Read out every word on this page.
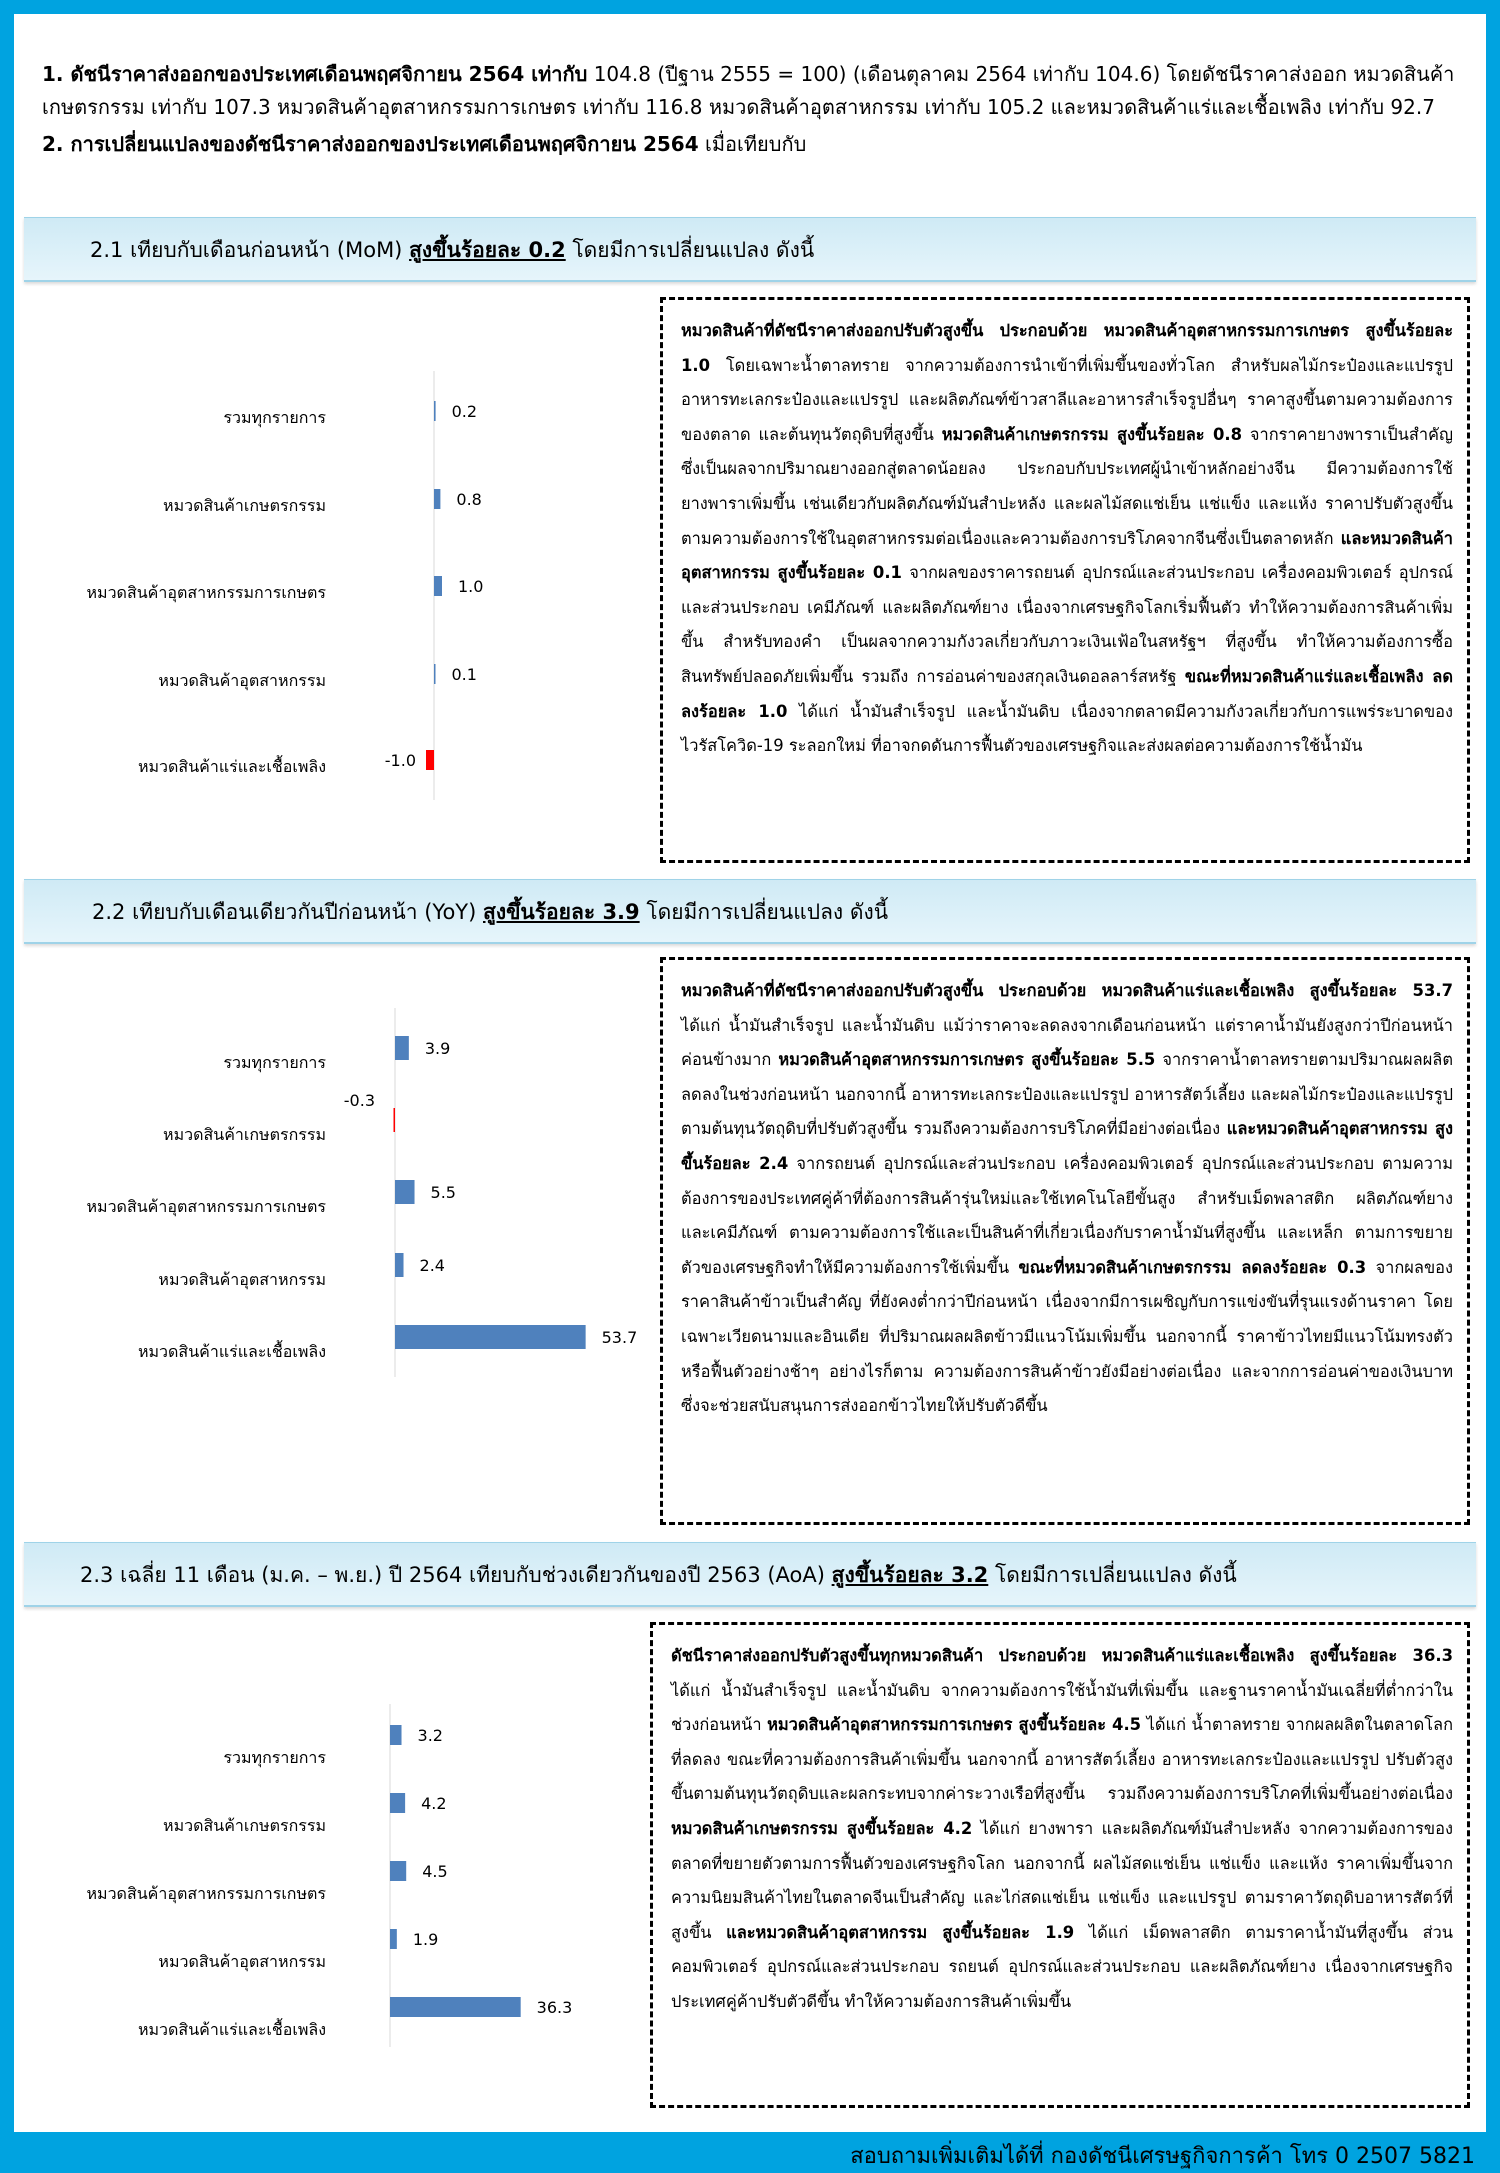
1. ดัชนีราคาส่งออกของประเทศเดือนพฤศจิกายน 2564 เท่ากับ 104.8 (ปีฐาน 2555 = 100) (เดือนตุลาคม 2564 เท่ากับ 104.6) โดยดัชนีราคาส่งออก หมวดสินค้าเกษตรกรรม เท่ากับ 107.3 หมวดสินค้าอุตสาหกรรมการเกษตร เท่ากับ 116.8 หมวดสินค้าอุตสาหกรรม เท่ากับ 105.2 และหมวดสินค้าแร่และเชื้อเพลิง เท่ากับ 92.7

2. การเปลี่ยนแปลงของดัชนีราคาส่งออกของประเทศเดือนพฤศจิกายน 2564 เมื่อเทียบกับ

2.1 เทียบกับเดือนก่อนหน้า (MoM) สูงขึ้นร้อยละ 0.2 โดยมีการเปลี่ยนแปลง ดังนี้
0.2
รวมทุกรายการ
0.8
หมวดสินค้าเกษตรกรรม
1.0
หมวดสินค้าอุตสาหกรรมการเกษตร
0.1
หมวดสินค้าอุตสาหกรรม
-1.0
หมวดสินค้าแร่และเชื้อเพลิง
หมวดสินค้าที่ดัชนีราคาส่งออกปรับตัวสูงขึ้น ประกอบด้วย หมวดสินค้าอุตสาหกรรมการเกษตร สูงขึ้นร้อยละ 1.0 โดยเฉพาะน้ำตาลทราย จากความต้องการนำเข้าที่เพิ่มขึ้นของทั่วโลก สำหรับผลไม้กระป๋องและแปรรูป อาหารทะเลกระป๋องและแปรรูป และผลิตภัณฑ์ข้าวสาลีและอาหารสำเร็จรูปอื่นๆ ราคาสูงขึ้นตามความต้องการของตลาด และต้นทุนวัตถุดิบที่สูงขึ้น หมวดสินค้าเกษตรกรรม สูงขึ้นร้อยละ 0.8 จากราคายางพาราเป็นสำคัญ ซึ่งเป็นผลจากปริมาณยางออกสู่ตลาดน้อยลง ประกอบกับประเทศผู้นำเข้าหลักอย่างจีน มีความต้องการใช้ยางพาราเพิ่มขึ้น เช่นเดียวกับผลิตภัณฑ์มันสำปะหลัง และผลไม้สดแช่เย็น แช่แข็ง และแห้ง ราคาปรับตัวสูงขึ้นตามความต้องการใช้ในอุตสาหกรรมต่อเนื่องและความต้องการบริโภคจากจีนซึ่งเป็นตลาดหลัก และหมวดสินค้าอุตสาหกรรม สูงขึ้นร้อยละ 0.1 จากผลของราคารถยนต์ อุปกรณ์และส่วนประกอบ เครื่องคอมพิวเตอร์ อุปกรณ์และส่วนประกอบ เคมีภัณฑ์ และผลิตภัณฑ์ยาง เนื่องจากเศรษฐกิจโลกเริ่มฟื้นตัว ทำให้ความต้องการสินค้าเพิ่มขึ้น สำหรับทองคำ เป็นผลจากความกังวลเกี่ยวกับภาวะเงินเฟ้อในสหรัฐฯ ที่สูงขึ้น ทำให้ความต้องการซื้อสินทรัพย์ปลอดภัยเพิ่มขึ้น รวมถึง การอ่อนค่าของสกุลเงินดอลลาร์สหรัฐ ขณะที่หมวดสินค้าแร่และเชื้อเพลิง ลดลงร้อยละ 1.0 ได้แก่ น้ำมันสำเร็จรูป และน้ำมันดิบ เนื่องจากตลาดมีความกังวลเกี่ยวกับการแพร่ระบาดของไวรัสโควิด-19 ระลอกใหม่ ที่อาจกดดันการฟื้นตัวของเศรษฐกิจและส่งผลต่อความต้องการใช้น้ำมัน
2.2 เทียบกับเดือนเดียวกันปีก่อนหน้า (YoY) สูงขึ้นร้อยละ 3.9 โดยมีการเปลี่ยนแปลง ดังนี้
3.9
รวมทุกรายการ
-0.3
หมวดสินค้าเกษตรกรรม
5.5
หมวดสินค้าอุตสาหกรรมการเกษตร
2.4
หมวดสินค้าอุตสาหกรรม
53.7
หมวดสินค้าแร่และเชื้อเพลิง
หมวดสินค้าที่ดัชนีราคาส่งออกปรับตัวสูงขึ้น ประกอบด้วย หมวดสินค้าแร่และเชื้อเพลิง สูงขึ้นร้อยละ 53.7 ได้แก่ น้ำมันสำเร็จรูป และน้ำมันดิบ แม้ว่าราคาจะลดลงจากเดือนก่อนหน้า แต่ราคาน้ำมันยังสูงกว่าปีก่อนหน้าค่อนข้างมาก หมวดสินค้าอุตสาหกรรมการเกษตร สูงขึ้นร้อยละ 5.5 จากราคาน้ำตาลทรายตามปริมาณผลผลิตลดลงในช่วงก่อนหน้า นอกจากนี้ อาหารทะเลกระป๋องและแปรรูป อาหารสัตว์เลี้ยง และผลไม้กระป๋องและแปรรูป ตามต้นทุนวัตถุดิบที่ปรับตัวสูงขึ้น รวมถึงความต้องการบริโภคที่มีอย่างต่อเนื่อง และหมวดสินค้าอุตสาหกรรม สูงขึ้นร้อยละ 2.4 จากรถยนต์ อุปกรณ์และส่วนประกอบ เครื่องคอมพิวเตอร์ อุปกรณ์และส่วนประกอบ ตามความต้องการของประเทศคู่ค้าที่ต้องการสินค้ารุ่นใหม่และใช้เทคโนโลยีขั้นสูง สำหรับเม็ดพลาสติก ผลิตภัณฑ์ยาง และเคมีภัณฑ์ ตามความต้องการใช้และเป็นสินค้าที่เกี่ยวเนื่องกับราคาน้ำมันที่สูงขึ้น และเหล็ก ตามการขยายตัวของเศรษฐกิจทำให้มีความต้องการใช้เพิ่มขึ้น ขณะที่หมวดสินค้าเกษตรกรรม ลดลงร้อยละ 0.3 จากผลของราคาสินค้าข้าวเป็นสำคัญ ที่ยังคงต่ำกว่าปีก่อนหน้า เนื่องจากมีการเผชิญกับการแข่งขันที่รุนแรงด้านราคา โดยเฉพาะเวียดนามและอินเดีย ที่ปริมาณผลผลิตข้าวมีแนวโน้มเพิ่มขึ้น นอกจากนี้ ราคาข้าวไทยมีแนวโน้มทรงตัว หรือฟื้นตัวอย่างช้าๆ อย่างไรก็ตาม ความต้องการสินค้าข้าวยังมีอย่างต่อเนื่อง และจากการอ่อนค่าของเงินบาท ซึ่งจะช่วยสนับสนุนการส่งออกข้าวไทยให้ปรับตัวดีขึ้น
2.3 เฉลี่ย 11 เดือน (ม.ค. – พ.ย.) ปี 2564 เทียบกับช่วงเดียวกันของปี 2563 (AoA) สูงขึ้นร้อยละ 3.2 โดยมีการเปลี่ยนแปลง ดังนี้
3.2
รวมทุกรายการ
4.2
หมวดสินค้าเกษตรกรรม
4.5
หมวดสินค้าอุตสาหกรรมการเกษตร
1.9
หมวดสินค้าอุตสาหกรรม
36.3
หมวดสินค้าแร่และเชื้อเพลิง
ดัชนีราคาส่งออกปรับตัวสูงขึ้นทุกหมวดสินค้า ประกอบด้วย หมวดสินค้าแร่และเชื้อเพลิง สูงขึ้นร้อยละ 36.3 ได้แก่ น้ำมันสำเร็จรูป และน้ำมันดิบ จากความต้องการใช้น้ำมันที่เพิ่มขึ้น และฐานราคาน้ำมันเฉลี่ยที่ต่ำกว่าในช่วงก่อนหน้า หมวดสินค้าอุตสาหกรรมการเกษตร สูงขึ้นร้อยละ 4.5 ได้แก่ น้ำตาลทราย จากผลผลิตในตลาดโลกที่ลดลง ขณะที่ความต้องการสินค้าเพิ่มขึ้น นอกจากนี้ อาหารสัตว์เลี้ยง อาหารทะเลกระป๋องและแปรรูป ปรับตัวสูงขึ้นตามต้นทุนวัตถุดิบและผลกระทบจากค่าระวางเรือที่สูงขึ้น รวมถึงความต้องการบริโภคที่เพิ่มขึ้นอย่างต่อเนื่อง หมวดสินค้าเกษตรกรรม สูงขึ้นร้อยละ 4.2 ได้แก่ ยางพารา และผลิตภัณฑ์มันสำปะหลัง จากความต้องการของตลาดที่ขยายตัวตามการฟื้นตัวของเศรษฐกิจโลก นอกจากนี้ ผลไม้สดแช่เย็น แช่แข็ง และแห้ง ราคาเพิ่มขึ้นจากความนิยมสินค้าไทยในตลาดจีนเป็นสำคัญ และไก่สดแช่เย็น แช่แข็ง และแปรรูป ตามราคาวัตถุดิบอาหารสัตว์ที่สูงขึ้น และหมวดสินค้าอุตสาหกรรม สูงขึ้นร้อยละ 1.9 ได้แก่ เม็ดพลาสติก ตามราคาน้ำมันที่สูงขึ้น ส่วนคอมพิวเตอร์ อุปกรณ์และส่วนประกอบ รถยนต์ อุปกรณ์และส่วนประกอบ และผลิตภัณฑ์ยาง เนื่องจากเศรษฐกิจประเทศคู่ค้าปรับตัวดีขึ้น ทำให้ความต้องการสินค้าเพิ่มขึ้น
สอบถามเพิ่มเติมได้ที่ กองดัชนีเศรษฐกิจการค้า โทร 0 2507 5821
